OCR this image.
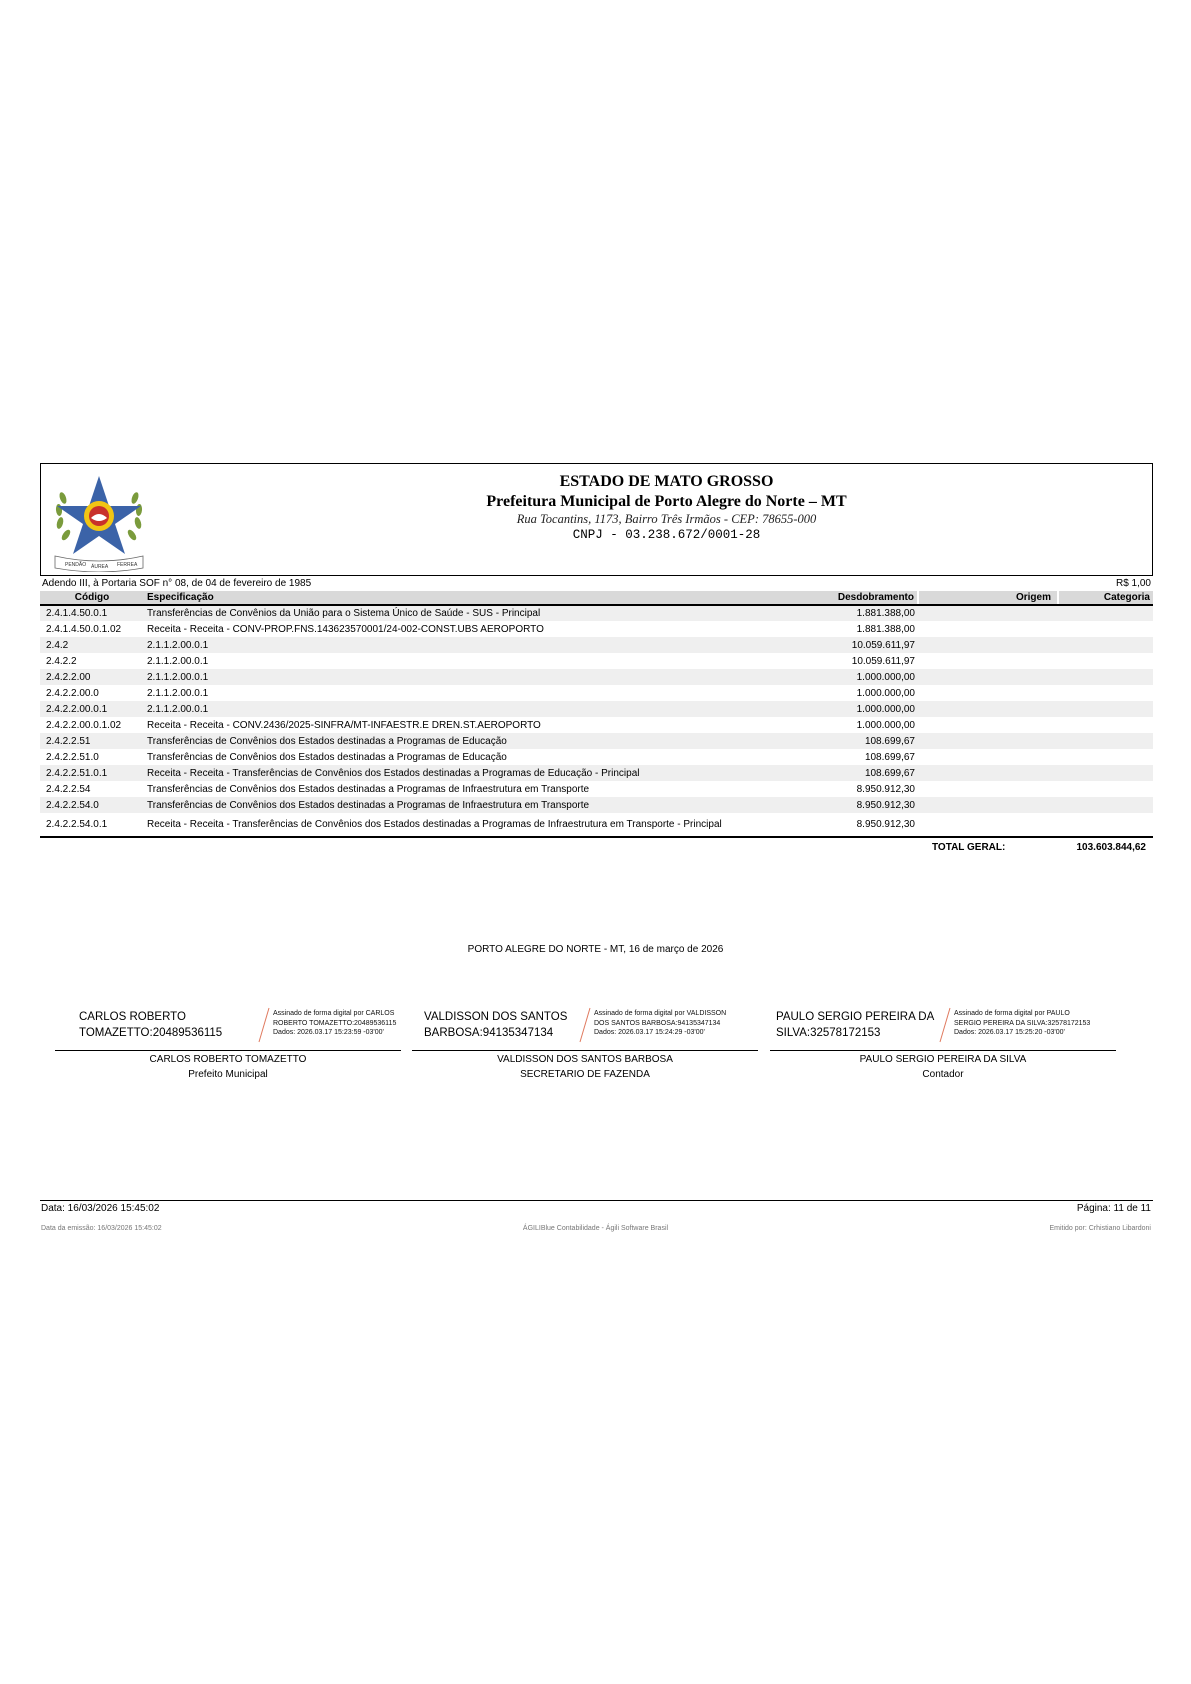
PENDÃO ÁUREA FERREA
ESTADO DE MATO GROSSO
Prefeitura Municipal de Porto Alegre do Norte – MT
Rua Tocantins, 1173, Bairro Três Irmãos - CEP: 78655-000
CNPJ - 03.238.672/0001-28
Adendo III, à Portaria SOF n° 08, de 04 de fevereiro de 1985	R$ 1,00
Código	Especificação	Desdobramento	Origem	Categoria
2.4.1.4.50.0.1	Transferências de Convênios da União para o Sistema Único de Saúde - SUS - Principal	1.881.388,00		
2.4.1.4.50.0.1.02	Receita - Receita - CONV-PROP.FNS.143623570001/24-002-CONST.UBS AEROPORTO	1.881.388,00		
2.4.2	2.1.1.2.00.0.1	10.059.611,97		
2.4.2.2	2.1.1.2.00.0.1	10.059.611,97		
2.4.2.2.00	2.1.1.2.00.0.1	1.000.000,00		
2.4.2.2.00.0	2.1.1.2.00.0.1	1.000.000,00		
2.4.2.2.00.0.1	2.1.1.2.00.0.1	1.000.000,00		
2.4.2.2.00.0.1.02	Receita - Receita - CONV.2436/2025-SINFRA/MT-INFAESTR.E DREN.ST.AEROPORTO	1.000.000,00		
2.4.2.2.51	Transferências de Convênios dos Estados destinadas a Programas de Educação	108.699,67		
2.4.2.2.51.0	Transferências de Convênios dos Estados destinadas a Programas de Educação	108.699,67		
2.4.2.2.51.0.1	Receita - Receita - Transferências de Convênios dos Estados destinadas a Programas de Educação - Principal	108.699,67		
2.4.2.2.54	Transferências de Convênios dos Estados destinadas a Programas de Infraestrutura em Transporte	8.950.912,30		
2.4.2.2.54.0	Transferências de Convênios dos Estados destinadas a Programas de Infraestrutura em Transporte	8.950.912,30		
2.4.2.2.54.0.1	Receita - Receita - Transferências de Convênios dos Estados destinadas a Programas de Infraestrutura em Transporte - Principal	8.950.912,30		
TOTAL GERAL:	103.603.844,62
PORTO ALEGRE DO NORTE - MT, 16 de março de 2026
CARLOS ROBERTO
TOMAZETTO:20489536115
Assinado de forma digital por CARLOS
ROBERTO TOMAZETTO:20489536115
Dados: 2026.03.17 15:23:59 -03'00'
CARLOS ROBERTO TOMAZETTO
Prefeito Municipal
VALDISSON DOS SANTOS
BARBOSA:94135347134
Assinado de forma digital por VALDISSON
DOS SANTOS BARBOSA:94135347134
Dados: 2026.03.17 15:24:29 -03'00'
VALDISSON DOS SANTOS BARBOSA
SECRETARIO DE FAZENDA
PAULO SERGIO PEREIRA DA
SILVA:32578172153
Assinado de forma digital por PAULO
SERGIO PEREIRA DA SILVA:32578172153
Dados: 2026.03.17 15:25:20 -03'00'
PAULO SERGIO PEREIRA DA SILVA
Contador
Data: 16/03/2026 15:45:02	Página: 11 de 11
Data da emissão: 16/03/2026 15:45:02	ÁGILIBlue Contabilidade - Ágili Software Brasil	Emitido por: Crhistiano Libardoni
